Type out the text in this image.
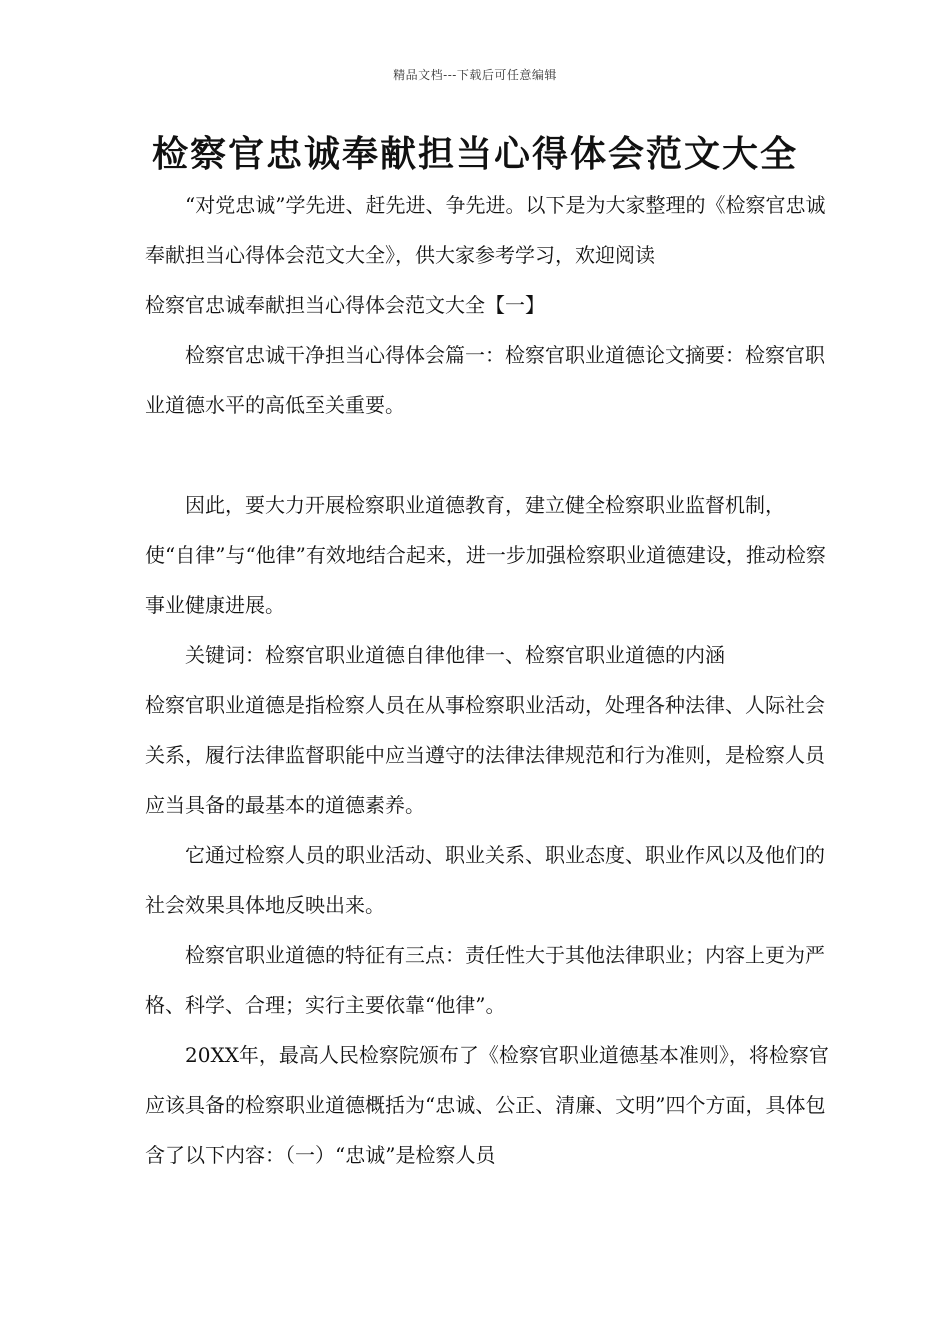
精品文档---下载后可任意编辑
检察官忠诚奉献担当心得体会范文大全

“对党忠诚”学先进、赶先进、争先进。以下是为大家整理的《检察官忠诚奉献担当心得体会范文大全》，供大家参考学习，欢迎阅读

检察官忠诚奉献担当心得体会范文大全【一】

检察官忠诚干净担当心得体会篇一：检察官职业道德论文摘要：检察官职业道德水平的高低至关重要。

因此，要大力开展检察职业道德教育，建立健全检察职业监督机制，使“自律”与“他律”有效地结合起来，进一步加强检察职业道德建设，推动检察事业健康进展。

关键词：检察官职业道德自律他律一、检察官职业道德的内涵

检察官职业道德是指检察人员在从事检察职业活动，处理各种法律、人际社会关系，履行法律监督职能中应当遵守的法律法律规范和行为准则，是检察人员应当具备的最基本的道德素养。

它通过检察人员的职业活动、职业关系、职业态度、职业作风以及他们的社会效果具体地反映出来。

检察官职业道德的特征有三点：责任性大于其他法律职业；内容上更为严格、科学、合理；实行主要依靠“他律”。

20XX年，最高人民检察院颁布了《检察官职业道德基本准则》，将检察官应该具备的检察职业道德概括为“忠诚、公正、清廉、文明”四个方面，具体包含了以下内容：（一）“忠诚”是检察人员
